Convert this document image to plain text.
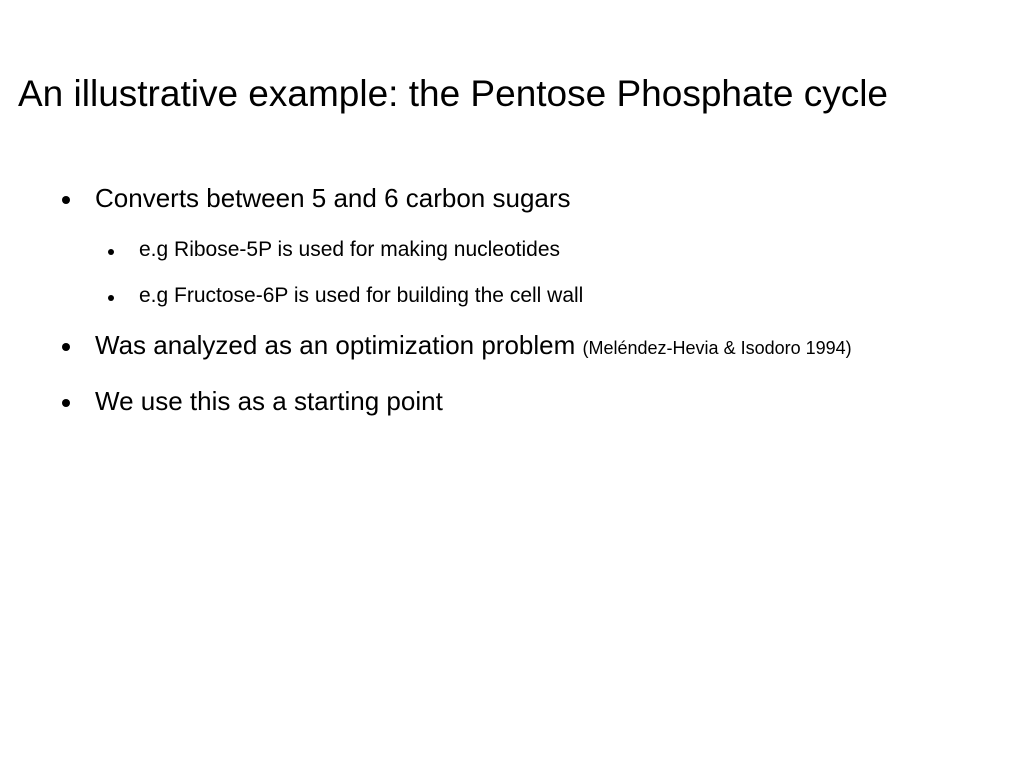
An illustrative example: the Pentose Phosphate cycle
Converts between 5 and 6 carbon sugars
e.g Ribose-5P is used for making nucleotides
e.g Fructose-6P is used for building the cell wall
Was analyzed as an optimization problem (Meléndez-Hevia & Isodoro 1994)
We use this as a starting point
